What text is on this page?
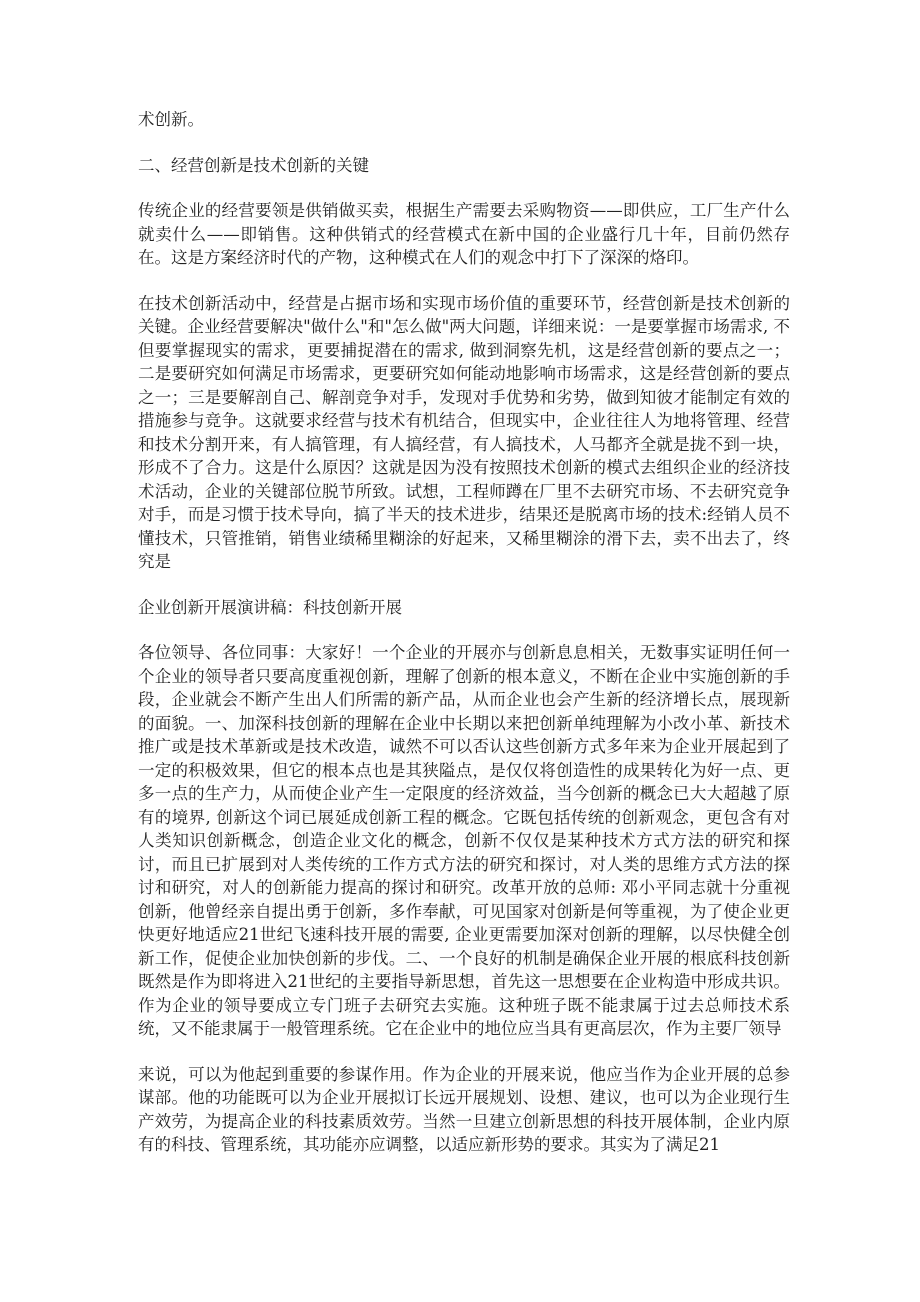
术创新。

二、经营创新是技术创新的关键

传统企业的经营要领是供销做买卖，根据生产需要去采购物资——即供应，工厂生产什么就卖什么——即销售。这种供销式的经营模式在新中国的企业盛行几十年，目前仍然存在。这是方案经济时代的产物，这种模式在人们的观念中打下了深深的烙印。

在技术创新活动中，经营是占据市场和实现市场价值的重要环节，经营创新是技术创新的关键。企业经营要解决"做什么"和"怎么做"两大问题，详细来说：一是要掌握市场需求, 不但要掌握现实的需求，更要捕捉潜在的需求, 做到洞察先机，这是经营创新的要点之一；二是要研究如何满足市场需求，更要研究如何能动地影响市场需求，这是经营创新的要点之一；三是要解剖自己、解剖竞争对手，发现对手优势和劣势，做到知彼才能制定有效的措施参与竞争。这就要求经营与技术有机结合，但现实中，企业往往人为地将管理、经营和技术分割开来，有人搞管理，有人搞经营，有人搞技术，人马都齐全就是拢不到一块，形成不了合力。这是什么原因？这就是因为没有按照技术创新的模式去组织企业的经济技术活动，企业的关键部位脱节所致。试想，工程师蹲在厂里不去研究市场、不去研究竞争对手，而是习惯于技术导向，搞了半天的技术进步，结果还是脱离市场的技术:经销人员不懂技术，只管推销，销售业绩稀里糊涂的好起来，又稀里糊涂的滑下去，卖不出去了，终究是

企业创新开展演讲稿：科技创新开展

各位领导、各位同事：大家好！一个企业的开展亦与创新息息相关，无数事实证明任何一个企业的领导者只要高度重视创新，理解了创新的根本意义，不断在企业中实施创新的手段，企业就会不断产生出人们所需的新产品，从而企业也会产生新的经济增长点，展现新的面貌。一、加深科技创新的理解在企业中长期以来把创新单纯理解为小改小革、新技术推广或是技术革新或是技术改造，诚然不可以否认这些创新方式多年来为企业开展起到了一定的积极效果，但它的根本点也是其狭隘点，是仅仅将创造性的成果转化为好一点、更多一点的生产力，从而使企业产生一定限度的经济效益，当今创新的概念已大大超越了原有的境界, 创新这个词已展延成创新工程的概念。它既包括传统的创新观念，更包含有对人类知识创新概念，创造企业文化的概念，创新不仅仅是某种技术方式方法的研究和探讨，而且已扩展到对人类传统的工作方式方法的研究和探讨，对人类的思维方式方法的探讨和研究，对人的创新能力提高的探讨和研究。改革开放的总师: 邓小平同志就十分重视创新，他曾经亲自提出勇于创新，多作奉献，可见国家对创新是何等重视，为了使企业更快更好地适应21世纪飞速科技开展的需要, 企业更需要加深对创新的理解，以尽快健全创新工作，促使企业加快创新的步伐。二、一个良好的机制是确保企业开展的根底科技创新既然是作为即将进入21世纪的主要指导新思想，首先这一思想要在企业构造中形成共识。作为企业的领导要成立专门班子去研究去实施。这种班子既不能隶属于过去总师技术系统，又不能隶属于一般管理系统。它在企业中的地位应当具有更高层次，作为主要厂领导

来说，可以为他起到重要的参谋作用。作为企业的开展来说，他应当作为企业开展的总参谋部。他的功能既可以为企业开展拟订长远开展规划、设想、建议，也可以为企业现行生产效劳，为提高企业的科技素质效劳。当然一旦建立创新思想的科技开展体制，企业内原有的科技、管理系统，其功能亦应调整，以适应新形势的要求。其实为了满足21
